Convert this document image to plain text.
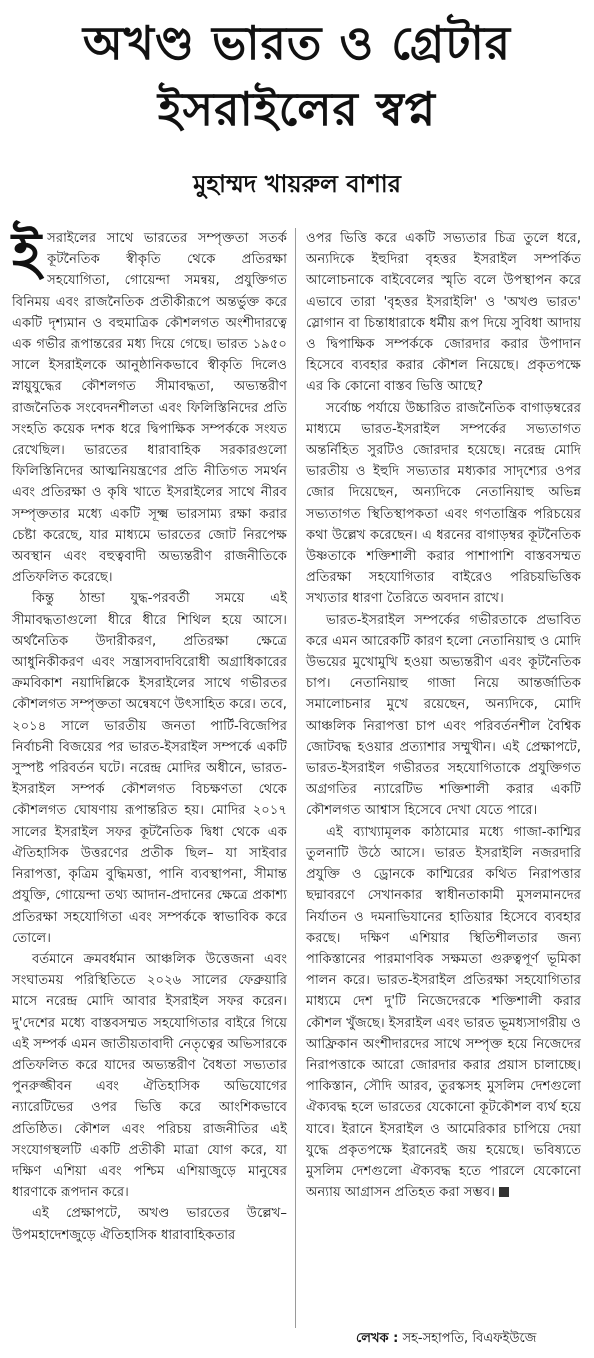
অখণ্ড ভারত ও গ্রেটার
ইসরাইলের স্বপ্ন
মুহাম্মদ খায়রুল বাশার

ইসরাইলের সাথে ভারতের সম্পৃক্ততা সতর্ক কূটনৈতিক স্বীকৃতি থেকে প্রতিরক্ষা সহযোগিতা, গোয়েন্দা সমন্বয়, প্রযুক্তিগত বিনিময় এবং রাজনৈতিক প্রতীকীরূপে অন্তর্ভুক্ত করে একটি দৃশ্যমান ও বহুমাত্রিক কৌশলগত অংশীদারত্বে এক গভীর রূপান্তরের মধ্য দিয়ে গেছে। ভারত ১৯৫০ সালে ইসরাইলকে আনুষ্ঠানিকভাবে স্বীকৃতি দিলেও স্নায়ুযুদ্ধের কৌশলগত সীমাবদ্ধতা, অভ্যন্তরীণ রাজনৈতিক সংবেদনশীলতা এবং ফিলিস্তিনিদের প্রতি সংহতি কয়েক দশক ধরে দ্বিপাক্ষিক সম্পর্ককে সংযত রেখেছিল। ভারতের ধারাবাহিক সরকারগুলো ফিলিস্তিনিদের আত্মনিয়ন্ত্রণের প্রতি নীতিগত সমর্থন এবং প্রতিরক্ষা ও কৃষি খাতে ইসরাইলের সাথে নীরব সম্পৃক্ততার মধ্যে একটি সূক্ষ্ম ভারসাম্য রক্ষা করার চেষ্টা করেছে, যার মাধ্যমে ভারতের জোট নিরপেক্ষ অবস্থান এবং বহুত্ববাদী অভ্যন্তরীণ রাজনীতিকে প্রতিফলিত করেছে।

কিন্তু ঠান্ডা যুদ্ধ-পরবর্তী সময়ে এই সীমাবদ্ধতাগুলো ধীরে ধীরে শিথিল হয়ে আসে। অর্থনৈতিক উদারীকরণ, প্রতিরক্ষা ক্ষেত্রে আধুনিকীকরণ এবং সন্ত্রাসবাদবিরোধী অগ্রাধিকারের ক্রমবিকাশ নয়াদিল্লিকে ইসরাইলের সাথে গভীরতর কৌশলগত সম্পৃক্ততা অন্বেষণে উৎসাহিত করে। তবে, ২০১৪ সালে ভারতীয় জনতা পার্টি-বিজেপির নির্বাচনী বিজয়ের পর ভারত-ইসরাইল সম্পর্কে একটি সুস্পষ্ট পরিবর্তন ঘটে। নরেন্দ্র মোদির অধীনে, ভারত-ইসরাইল সম্পর্ক কৌশলগত বিচক্ষণতা থেকে কৌশলগত ঘোষণায় রূপান্তরিত হয়। মোদির ২০১৭ সালের ইসরাইল সফর কূটনৈতিক দ্বিধা থেকে এক ঐতিহাসিক উত্তরণের প্রতীক ছিল– যা সাইবার নিরাপত্তা, কৃত্রিম বুদ্ধিমত্তা, পানি ব্যবস্থাপনা, সীমান্ত প্রযুক্তি, গোয়েন্দা তথ্য আদান-প্রদানের ক্ষেত্রে প্রকাশ্য প্রতিরক্ষা সহযোগিতা এবং সম্পর্ককে স্বাভাবিক করে তোলে।

বর্তমানে ক্রমবর্ধমান আঞ্চলিক উত্তেজনা এবং সংঘাতময় পরিস্থিতিতে ২০২৬ সালের ফেব্রুয়ারি মাসে নরেন্দ্র মোদি আবার ইসরাইল সফর করেন। দু'দেশের মধ্যে বাস্তবসম্মত সহযোগিতার বাইরে গিয়ে এই সম্পর্ক এমন জাতীয়তাবাদী নেতৃত্বের অভিসারকে প্রতিফলিত করে যাদের অভ্যন্তরীণ বৈধতা সভ্যতার পুনরুজ্জীবন এবং ঐতিহাসিক অভিযোগের ন্যারেটিভের ওপর ভিত্তি করে আংশিকভাবে প্রতিষ্ঠিত। কৌশল এবং পরিচয় রাজনীতির এই সংযোগস্থলটি একটি প্রতীকী মাত্রা যোগ করে, যা দক্ষিণ এশিয়া এবং পশ্চিম এশিয়াজুড়ে মানুষের ধারণাকে রূপদান করে।

এই প্রেক্ষাপটে, অখণ্ড ভারতের উল্লেখ– উপমহাদেশজুড়ে ঐতিহাসিক ধারাবাহিকতার

ওপর ভিত্তি করে একটি সভ্যতার চিত্র তুলে ধরে, অন্যদিকে ইহুদিরা বৃহত্তর ইসরাইল সম্পর্কিত আলোচনাকে বাইবেলের স্মৃতি বলে উপস্থাপন করে এভাবে তারা 'বৃহত্তর ইসরাইলি' ও 'অখণ্ড ভারত' স্লোগান বা চিন্তাধারাকে ধর্মীয় রূপ দিয়ে সুবিধা আদায় ও দ্বিপাক্ষিক সম্পর্ককে জোরদার করার উপাদান হিসেবে ব্যবহার করার কৌশল নিয়েছে। প্রকৃতপক্ষে এর কি কোনো বাস্তব ভিত্তি আছে?

সর্বোচ্চ পর্যায়ে উচ্চারিত রাজনৈতিক বাগাড়ম্বরের মাধ্যমে ভারত-ইসরাইল সম্পর্কের সভ্যতাগত অন্তর্নিহিত সুরটিও জোরদার হয়েছে। নরেন্দ্র মোদি ভারতীয় ও ইহুদি সভ্যতার মধ্যকার সাদৃশ্যের ওপর জোর দিয়েছেন, অন্যদিকে নেতানিয়াহু অভিন্ন সভ্যতাগত স্থিতিস্থাপকতা এবং গণতান্ত্রিক পরিচয়ের কথা উল্লেখ করেছেন। এ ধরনের বাগাড়ম্বর কূটনৈতিক উষ্ণতাকে শক্তিশালী করার পাশাপাশি বাস্তবসম্মত প্রতিরক্ষা সহযোগিতার বাইরেও পরিচয়ভিত্তিক সখ্যতার ধারণা তৈরিতে অবদান রাখে।

ভারত-ইসরাইল সম্পর্কের গভীরতাকে প্রভাবিত করে এমন আরেকটি কারণ হলো নেতানিয়াহু ও মোদি উভয়ের মুখোমুখি হওয়া অভ্যন্তরীণ এবং কূটনৈতিক চাপ। নেতানিয়াহু গাজা নিয়ে আন্তর্জাতিক সমালোচনার মুখে রয়েছেন, অন্যদিকে, মোদি আঞ্চলিক নিরাপত্তা চাপ এবং পরিবর্তনশীল বৈশ্বিক জোটবদ্ধ হওয়ার প্রত্যাশার সম্মুখীন। এই প্রেক্ষাপটে, ভারত-ইসরাইল গভীরতর সহযোগিতাকে প্রযুক্তিগত অগ্রগতির ন্যারেটিভ শক্তিশালী করার একটি কৌশলগত আশ্বাস হিসেবে দেখা যেতে পারে।

এই ব্যাখ্যামূলক কাঠামোর মধ্যে গাজা-কাশ্মির তুলনাটি উঠে আসে। ভারত ইসরাইলি নজরদারি প্রযুক্তি ও ড্রোনকে কাশ্মিরের কথিত নিরাপত্তার ছদ্মাবরণে সেখানকার স্বাধীনতাকামী মুসলমানদের নির্যাতন ও দমনাভিযানের হাতিয়ার হিসেবে ব্যবহার করছে। দক্ষিণ এশিয়ার স্থিতিশীলতার জন্য পাকিস্তানের পারমাণবিক সক্ষমতা গুরুত্বপূর্ণ ভূমিকা পালন করে। ভারত-ইসরাইল প্রতিরক্ষা সহযোগিতার মাধ্যমে দেশ দু'টি নিজেদেরকে শক্তিশালী করার কৌশল খুঁজছে। ইসরাইল এবং ভারত ভূমধ্যসাগরীয় ও আফ্রিকান অংশীদারদের সাথে সম্পৃক্ত হয়ে নিজেদের নিরাপত্তাকে আরো জোরদার করার প্রয়াস চালাচ্ছে। পাকিস্তান, সৌদি আরব, তুরস্কসহ মুসলিম দেশগুলো ঐক্যবদ্ধ হলে ভারতের যেকোনো কূটকৌশল ব্যর্থ হয়ে যাবে। ইরানে ইসরাইল ও আমেরিকার চাপিয়ে দেয়া যুদ্ধে প্রকৃতপক্ষে ইরানেরই জয় হয়েছে। ভবিষ্যতে মুসলিম দেশগুলো ঐক্যবদ্ধ হতে পারলে যেকোনো অন্যায় আগ্রাসন প্রতিহত করা সম্ভব।

লেখক : সহ-সহাপতি, বিএফইউজে
